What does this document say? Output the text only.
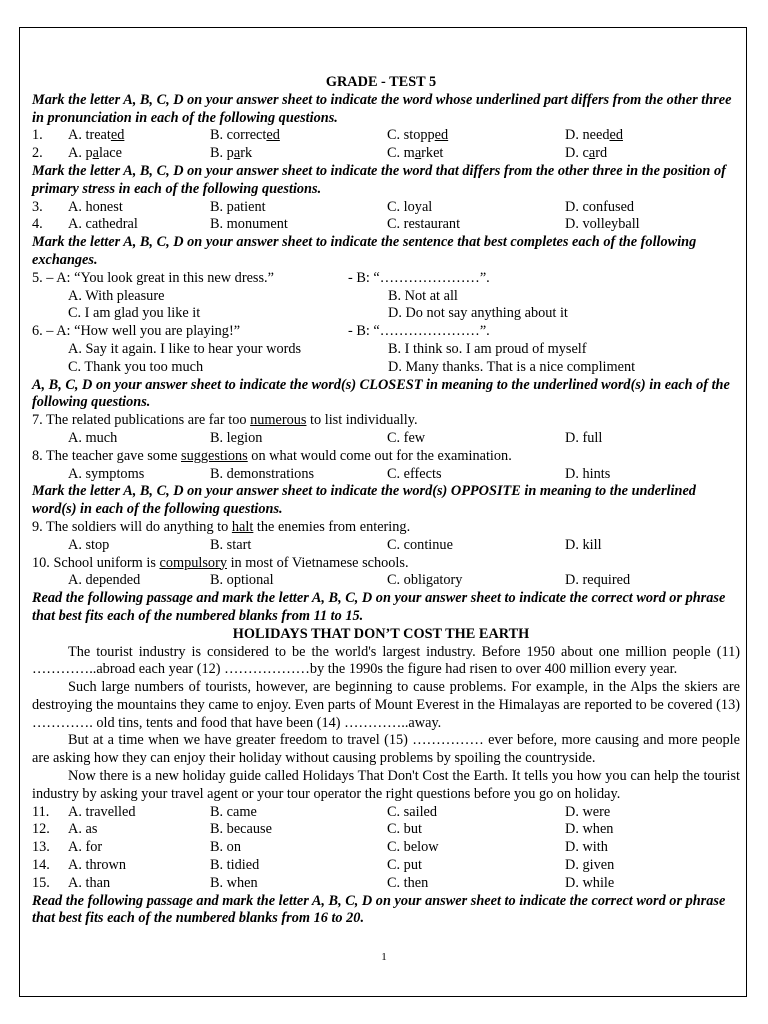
GRADE - TEST 5
Mark the letter A, B, C, D on your answer sheet to indicate the word whose underlined part differs from the other three in pronunciation in each of the following questions.
1.	A. treated	B. corrected	C. stopped	D. needed
2.	A. palace	B. park	C. market	D. card
Mark the letter A, B, C, D on your answer sheet to indicate the word that differs from the other three in the position of primary stress in each of the following questions.
3.	A. honest	B. patient	C. loyal	D. confused
4.	A. cathedral	B. monument	C. restaurant	D. volleyball
Mark the letter A, B, C, D on your answer sheet to indicate the sentence that best completes each of the following exchanges.
5. – A: “You look great in this new dress.”	- B: “…………………”.
A. With pleasure	B. Not at all
C. I am glad you like it	D. Do not say anything about it
6. – A: “How well you are playing!”	- B: “…………………”.
A. Say it again. I like to hear your words	B. I think so. I am proud of myself
C. Thank you too much	D. Many thanks. That is a nice compliment
A, B, C, D on your answer sheet to indicate the word(s) CLOSEST in meaning to the underlined word(s) in each of the following questions.
7. The related publications are far too numerous to list individually.
A. much	B. legion	C. few	D. full
8. The teacher gave some suggestions on what would come out for the examination.
A. symptoms	B. demonstrations	C. effects	D. hints
Mark the letter A, B, C, D on your answer sheet to indicate the word(s) OPPOSITE in meaning to the underlined word(s) in each of the following questions.
9. The soldiers will do anything to halt the enemies from entering.
A. stop	B. start	C. continue	D. kill
10. School uniform is compulsory in most of Vietnamese schools.
A. depended	B. optional	C. obligatory	D. required
Read the following passage and mark the letter A, B, C, D on your answer sheet to indicate the correct word or phrase that best fits each of the numbered blanks from 11 to 15.
HOLIDAYS THAT DON’T COST THE EARTH
The tourist industry is considered to be the world's largest industry. Before 1950 about one million people (11) …………..abroad each year (12) ………………by the 1990s the figure had risen to over 400 million every year.
Such large numbers of tourists, however, are beginning to cause problems. For example, in the Alps the skiers are destroying the mountains they came to enjoy. Even parts of Mount Everest in the Himalayas are reported to be covered (13) …………. old tins, tents and food that have been (14) …………..away.
But at a time when we have greater freedom to travel (15) …………… ever before, more causing and more people are asking how they can enjoy their holiday without causing problems by spoiling the countryside.
Now there is a new holiday guide called Holidays That Don't Cost the Earth. It tells you how you can help the tourist industry by asking your travel agent or your tour operator the right questions before you go on holiday.
11.	A. travelled	B. came	C. sailed	D. were
12.	A. as	B. because	C. but	D. when
13.	A. for	B. on	C. below	D. with
14.	A. thrown	B. tidied	C. put	D. given
15.	A. than	B. when	C. then	D. while
Read the following passage and mark the letter A, B, C, D on your answer sheet to indicate the correct word or phrase that best fits each of the numbered blanks from 16 to 20.
1
